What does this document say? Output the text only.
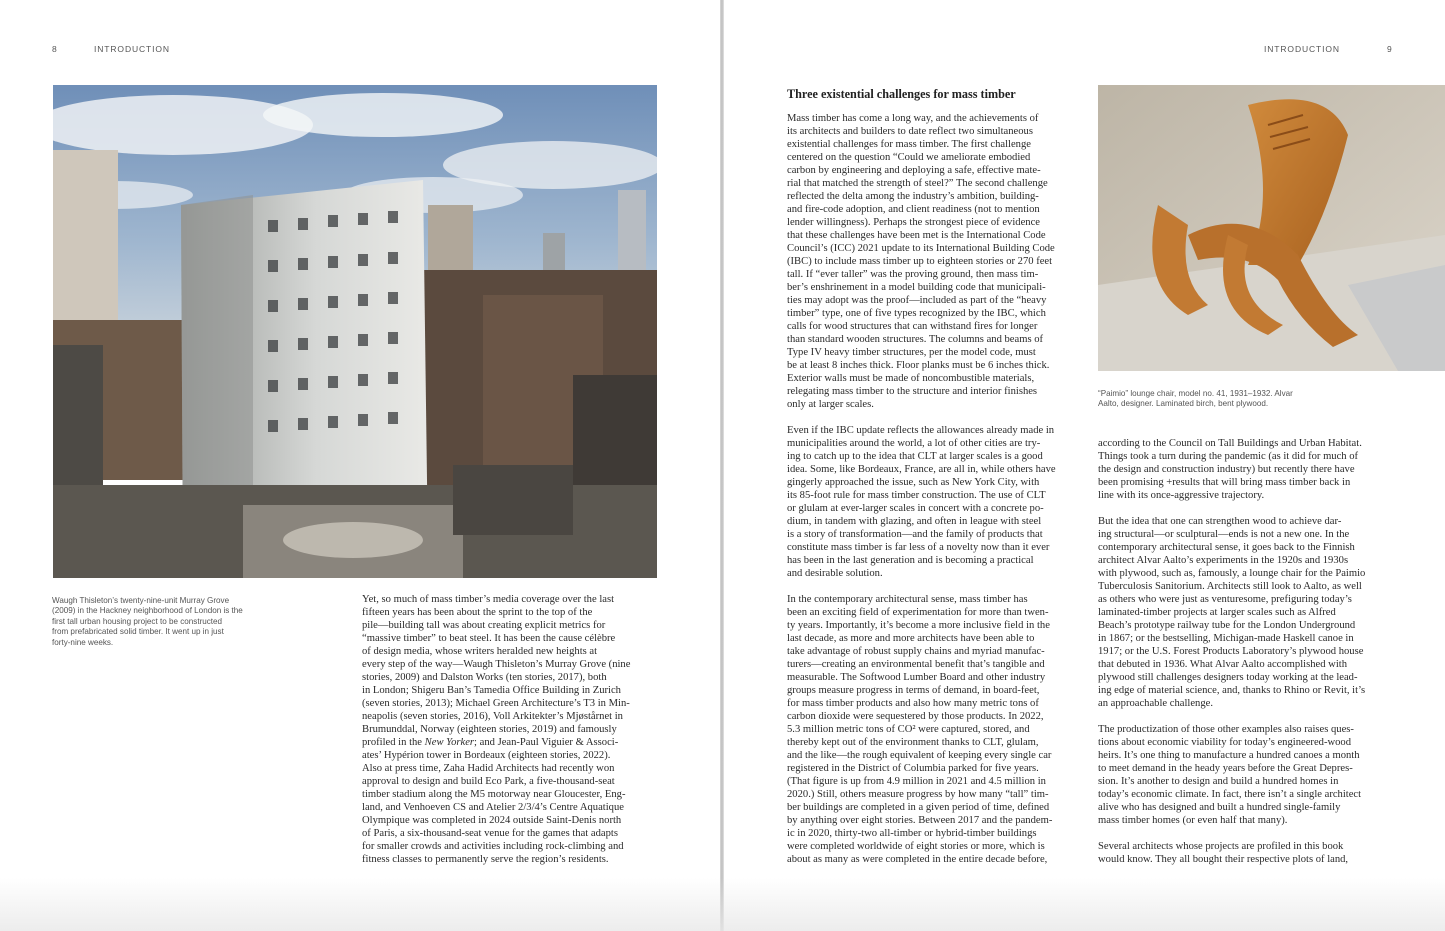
8	INTRODUCTION

Waugh Thisleton’s twenty-nine-unit Murray Grove
(2009) in the Hackney neighborhood of London is the
first tall urban housing project to be constructed
from prefabricated solid timber. It went up in just
forty-nine weeks.

Yet, so much of mass timber’s media coverage over the last
fifteen years has been about the sprint to the top of the
pile—building tall was about creating explicit metrics for
“massive timber” to beat steel. It has been the cause célèbre
of design media, whose writers heralded new heights at
every step of the way—Waugh Thisleton’s Murray Grove (nine
stories, 2009) and Dalston Works (ten stories, 2017), both
in London; Shigeru Ban’s Tamedia Office Building in Zurich
(seven stories, 2013); Michael Green Architecture’s T3 in Min-
neapolis (seven stories, 2016), Voll Arkitekter’s Mjøstårnet in
Brumunddal, Norway (eighteen stories, 2019) and famously
profiled in the New Yorker; and Jean-Paul Viguier & Associ-
ates’ Hypérion tower in Bordeaux (eighteen stories, 2022).
Also at press time, Zaha Hadid Architects had recently won
approval to design and build Eco Park, a five-thousand-seat
timber stadium along the M5 motorway near Gloucester, Eng-
land, and Venhoeven CS and Atelier 2/3/4’s Centre Aquatique
Olympique was completed in 2024 outside Saint-Denis north
of Paris, a six-thousand-seat venue for the games that adapts
for smaller crowds and activities including rock-climbing and
fitness classes to permanently serve the region’s residents.

INTRODUCTION	9
Three existential challenges for mass timber

Mass timber has come a long way, and the achievements of
its architects and builders to date reflect two simultaneous
existential challenges for mass timber. The first challenge
centered on the question “Could we ameliorate embodied
carbon by engineering and deploying a safe, effective mate-
rial that matched the strength of steel?” The second challenge
reflected the delta among the industry’s ambition, building-
and fire-code adoption, and client readiness (not to mention
lender willingness). Perhaps the strongest piece of evidence
that these challenges have been met is the International Code
Council’s (ICC) 2021 update to its International Building Code
(IBC) to include mass timber up to eighteen stories or 270 feet
tall. If “ever taller” was the proving ground, then mass tim-
ber’s enshrinement in a model building code that municipali-
ties may adopt was the proof—included as part of the “heavy
timber” type, one of five types recognized by the IBC, which
calls for wood structures that can withstand fires for longer
than standard wooden structures. The columns and beams of
Type IV heavy timber structures, per the model code, must
be at least 8 inches thick. Floor planks must be 6 inches thick.
Exterior walls must be made of noncombustible materials,
relegating mass timber to the structure and interior finishes
only at larger scales.

Even if the IBC update reflects the allowances already made in
municipalities around the world, a lot of other cities are try-
ing to catch up to the idea that CLT at larger scales is a good
idea. Some, like Bordeaux, France, are all in, while others have
gingerly approached the issue, such as New York City, with
its 85-foot rule for mass timber construction. The use of CLT
or glulam at ever-larger scales in concert with a concrete po-
dium, in tandem with glazing, and often in league with steel
is a story of transformation—and the family of products that
constitute mass timber is far less of a novelty now than it ever
has been in the last generation and is becoming a practical
and desirable solution.

In the contemporary architectural sense, mass timber has
been an exciting field of experimentation for more than twen-
ty years. Importantly, it’s become a more inclusive field in the
last decade, as more and more architects have been able to
take advantage of robust supply chains and myriad manufac-
turers—creating an environmental benefit that’s tangible and
measurable. The Softwood Lumber Board and other industry
groups measure progress in terms of demand, in board-feet,
for mass timber products and also how many metric tons of
carbon dioxide were sequestered by those products. In 2022,
5.3 million metric tons of CO² were captured, stored, and
thereby kept out of the environment thanks to CLT, glulam,
and the like—the rough equivalent of keeping every single car
registered in the District of Columbia parked for five years.
(That figure is up from 4.9 million in 2021 and 4.5 million in
2020.) Still, others measure progress by how many “tall” tim-
ber buildings are completed in a given period of time, defined
by anything over eight stories. Between 2017 and the pandem-
ic in 2020, thirty-two all-timber or hybrid-timber buildings
were completed worldwide of eight stories or more, which is
about as many as were completed in the entire decade before,

“Paimio” lounge chair, model no. 41, 1931–1932. Alvar
Aalto, designer. Laminated birch, bent plywood.

according to the Council on Tall Buildings and Urban Habitat.
Things took a turn during the pandemic (as it did for much of
the design and construction industry) but recently there have
been promising +results that will bring mass timber back in
line with its once-aggressive trajectory.

But the idea that one can strengthen wood to achieve dar-
ing structural—or sculptural—ends is not a new one. In the
contemporary architectural sense, it goes back to the Finnish
architect Alvar Aalto’s experiments in the 1920s and 1930s
with plywood, such as, famously, a lounge chair for the Paimio
Tuberculosis Sanitorium. Architects still look to Aalto, as well
as others who were just as venturesome, prefiguring today’s
laminated-timber projects at larger scales such as Alfred
Beach’s prototype railway tube for the London Underground
in 1867; or the bestselling, Michigan-made Haskell canoe in
1917; or the U.S. Forest Products Laboratory’s plywood house
that debuted in 1936. What Alvar Aalto accomplished with
plywood still challenges designers today working at the lead-
ing edge of material science, and, thanks to Rhino or Revit, it’s
an approachable challenge.

The productization of those other examples also raises ques-
tions about economic viability for today’s engineered-wood
heirs. It’s one thing to manufacture a hundred canoes a month
to meet demand in the heady years before the Great Depres-
sion. It’s another to design and build a hundred homes in
today’s economic climate. In fact, there isn’t a single architect
alive who has designed and built a hundred single-family
mass timber homes (or even half that many).

Several architects whose projects are profiled in this book
would know. They all bought their respective plots of land,
